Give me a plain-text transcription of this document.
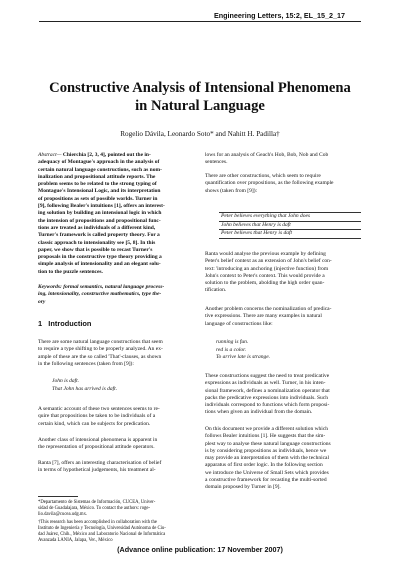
Engineering Letters, 15:2, EL_15_2_17
Constructive Analysis of Intensional Phenomena
in Natural Language
Rogelio Dávila, Leonardo Soto* and Nahitt H. Padilla†
Abstract— Chierchia [2, 3, 4], pointed out the in-
adequacy of Montague's approach in the analysis of
certain natural language constructions, such as nom-
inalization and propositional attitude reports. The
problem seems to be related to the strong typing of
Montague's Intensional Logic, and its interpretation
of propositions as sets of possible worlds. Turner in
[9], following Bealer's intuitions [1], offers an interest-
ing solution by building an intensional logic in which
the intension of propositions and propositional func-
tions are treated as individuals of a different kind,
Turner's framework is called property theory. For a
classic approach to intensionality see [5, 8]. In this
paper, we show that is possible to recast Turner's
proposals in the constructive type theory providing a
simple analysis of intensionality and an elegant solu-
tion to the puzzle sentences.
Keywords: formal semantics, natural language process-
ing, intensionality, constructive mathematics, type the-
ory
1 Introduction
There are some natural language constructions that seem
to require a type shifting to be properly analyzed. An ex-
ample of these are the so called 'That'-clauses, as shown
in the following sentences (taken from [9]):
John is daft.
That John has arrived is daft.
A semantic account of these two sentences seems to re-
quire that propositions be taken to be individuals of a
certain kind, which can be subjects for predication.
Another class of intensional phenomena is apparent in
the representation of propositional attitude operators.
Ranta [7], offers an interesting characterisation of belief
in terms of hypothetical judgements, his treatment al-
*Departamento de Sistemas de Información, CUCEA, Univer-
sidad de Guadalajara, México. To contact the authors: roge-
lio.davila@cucea.udg.mx.
†This research has been accomplished in collaboration with the
Instituto de Ingeniería y Tecnología, Universidad Autónoma de Ciu-
dad Juárez, Chih., México and Laboratorio Nacional de Informática
Avanzada LANIA, Jalapa, Ver., México
lows for an analysis of Geach's Hob, Bob, Nob and Cob
sentences.
There are other constructions, which seem to require
quantification over propositions, as the following example
shows (taken from [9]):
Peter believes everything that John does
John believes that Henry is daft
Peter believes that Henry is daft
Ranta would analyse the previous example by defining
Peter's belief context as an extension of John's belief con-
text: 'introducing an anchoring (injective function) from
John's context to Peter's context. This would provide a
solution to the problem, abolding the high order quan-
tification.
Another problem concerns the nominalization of predica-
tive expressions. There are many examples in natural
language of constructions like:
running is fun.
red is a color.
To arrive late is strange.
These constructions suggest the need to treat predicative
expressions as individuals as well. Turner, in his inten-
sional framework, defines a nominalization operator that
packs the predicative expressions into individuals. Such
individuals correspond to functions which form proposi-
tions when given an individual from the domain.
On this document we provide a different solution which
follows Bealer intuitions [1]. He suggests that the sim-
plest way to analyse these natural language constructions
is by considering propositions as individuals, hence we
may provide an interpretation of them with the technical
apparatus of first order logic. In the following section
we introduce the Universe of Small Sets which provides
a constructive framework for recasting the multi-sorted
domain proposed by Turner in [9].
(Advance online publication: 17 November 2007)
